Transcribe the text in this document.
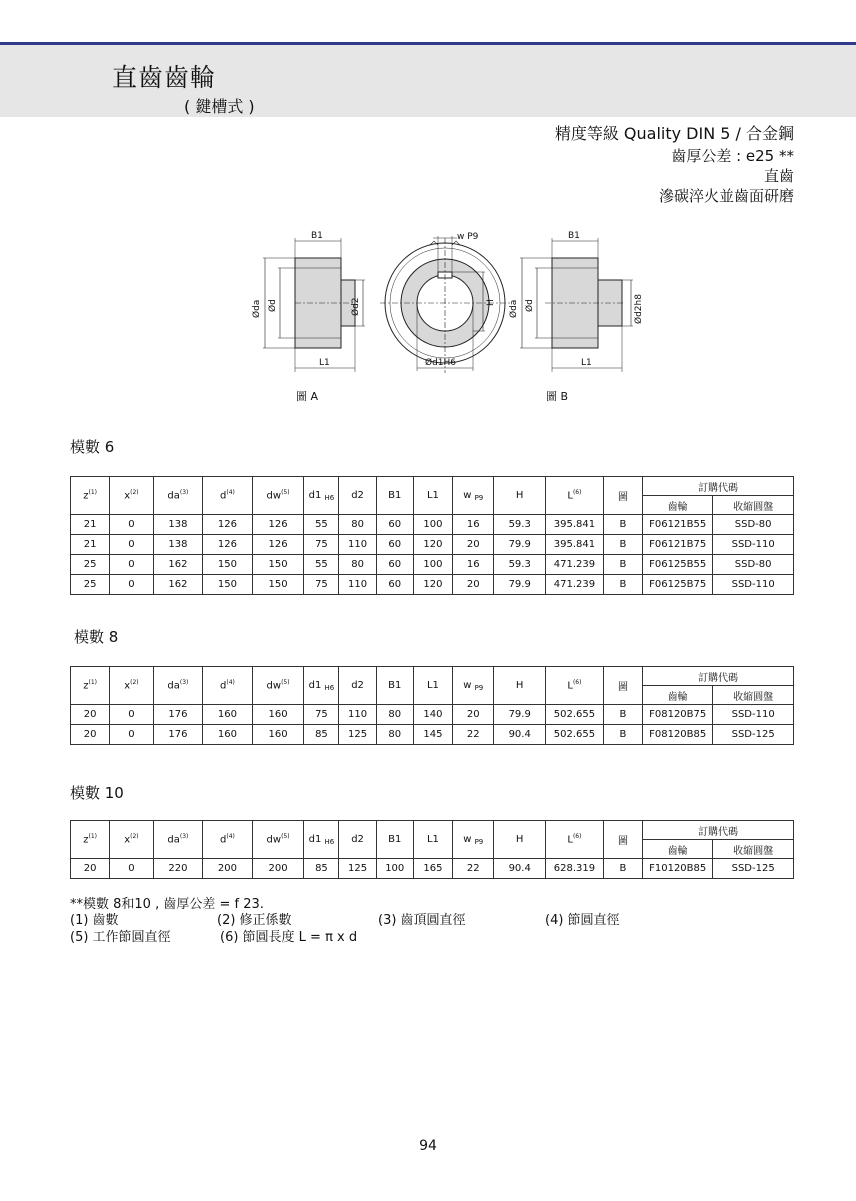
直齒齒輪
( 鍵槽式 )
精度等級 Quality DIN 5 / 合金鋼
齒厚公差 : e25 **
直齒
滲碳淬火並齒面研磨
B1
L1
Øda Ød	Ød2
w P9
H
Ød1H6
B1
L1
Øda Ød	Ød2h8
圖 A	圖 B
模數 6
模數 8
模數 10
$z^{(1)}$	$x^{(2)}$	$da^{(3)}$	$d^{(4)}$	$dw^{(5)}$	d1 $_{H6}$	d2	B1	L1	w $_{P9}$	H	$L^{(6)}$	圖	訂購代碼	
													齒輪	收縮圓盤
21	0	138	126	126	55	80	60	100	16	59.3	395.841	B	F06121B55	SSD-80
21	0	138	126	126	75	110	60	120	20	79.9	395.841	B	F06121B75	SSD-110
25	0	162	150	150	55	80	60	100	16	59.3	471.239	B	F06125B55	SSD-80
25	0	162	150	150	75	110	60	120	20	79.9	471.239	B	F06125B75	SSD-110
$z^{(1)}$	$x^{(2)}$	$da^{(3)}$	$d^{(4)}$	$dw^{(5)}$	d1 $_{H6}$	d2	B1	L1	w $_{P9}$	H	$L^{(6)}$	圖	訂購代碼	
													齒輪	收縮圓盤
20	0	176	160	160	75	110	80	140	20	79.9	502.655	B	F08120B75	SSD-110
20	0	176	160	160	85	125	80	145	22	90.4	502.655	B	F08120B85	SSD-125
$z^{(1)}$	$x^{(2)}$	$da^{(3)}$	$d^{(4)}$	$dw^{(5)}$	d1 $_{H6}$	d2	B1	L1	w $_{P9}$	H	$L^{(6)}$	圖	訂購代碼	
													齒輪	收縮圓盤
20	0	220	200	200	85	125	100	165	22	90.4	628.319	B	F10120B85	SSD-125
**模數 8和10 , 齒厚公差 = f 23.
(1) 齒數	(2) 修正係數	(3) 齒頂圓直徑	(4) 節圓直徑
(5) 工作節圓直徑	(6) 節圓長度 L = π x d
94
